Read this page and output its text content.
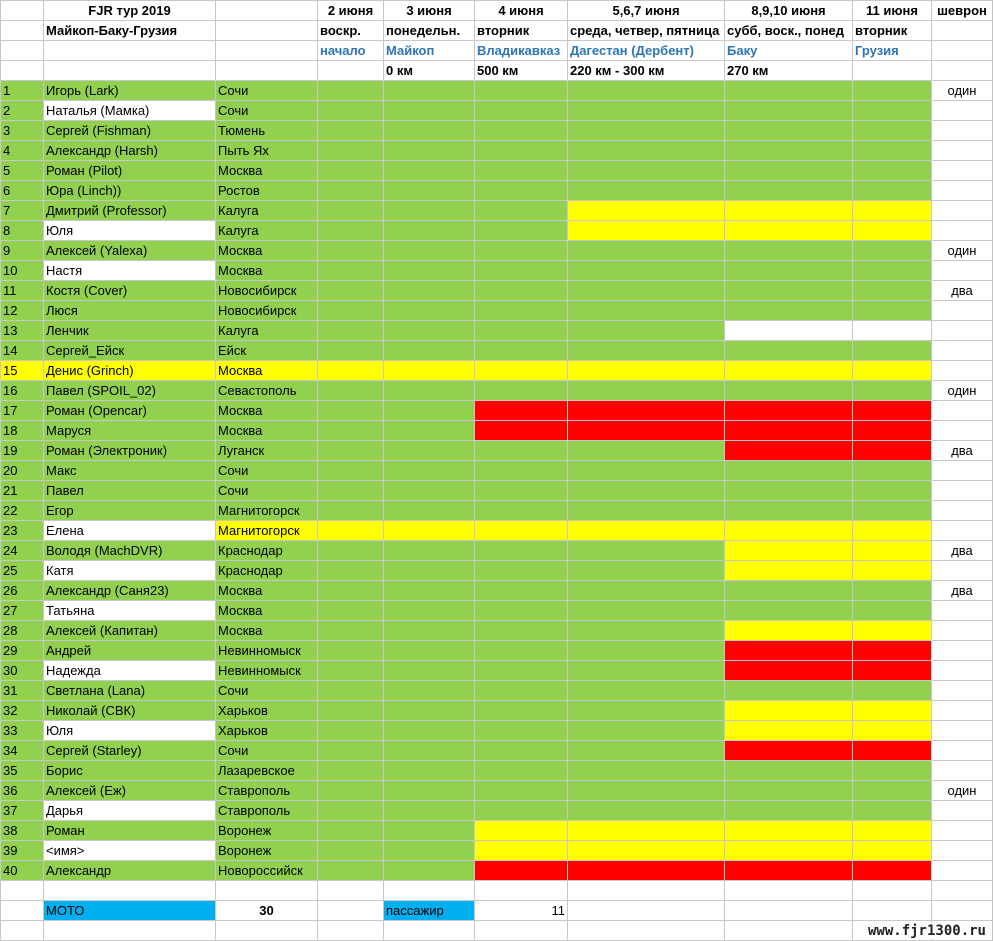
	FJR тур 2019		2 июня	3 июня	4 июня	5,6,7 июня	8,9,10 июня	11 июня	шеврон
	Майкоп-Баку-Грузия		воскр.	понедельн.	вторник	среда, четвер, пятница	субб, воск., понед	вторник	
			начало	Майкоп	Владикавказ	Дагестан (Дербент)	Баку	Грузия	
				0 км	500 км	220 км - 300 км	270 км		
1	Игорь (Lark)	Сочи							один
2	Наталья (Мамка)	Сочи							
3	Сергей (Fishman)	Тюмень							
4	Александр (Harsh)	Пыть Ях							
5	Роман (Pilot)	Москва							
6	Юра (Linch))	Ростов							
7	Дмитрий (Professor)	Калуга							
8	Юля	Калуга							
9	Алексей (Yalexa)	Москва							один
10	Настя	Москва							
11	Костя (Cover)	Новосибирск							два
12	Люся	Новосибирск							
13	Ленчик	Калуга							
14	Сергей_Ейск	Ейск							
15	Денис (Grinch)	Москва							
16	Павел (SPOIL_02)	Севастополь							один
17	Роман (Opencar)	Москва							
18	Маруся	Москва							
19	Роман (Электроник)	Луганск							два
20	Макс	Сочи							
21	Павел	Сочи							
22	Егор	Магнитогорск							
23	Елена	Магнитогорск							
24	Володя (MachDVR)	Краснодар							два
25	Катя	Краснодар							
26	Александр (Саня23)	Москва							два
27	Татьяна	Москва							
28	Алексей (Капитан)	Москва							
29	Андрей	Невинномыск							
30	Надежда	Невинномыск							
31	Светлана (Lana)	Сочи							
32	Николай (СВК)	Харьков							
33	Юля	Харьков							
34	Сергей (Starley)	Сочи							
35	Борис	Лазаревское							
36	Алексей (Еж)	Ставрополь							один
37	Дарья	Ставрополь							
38	Роман	Воронеж							
39	<имя>	Воронеж							
40	Александр	Новороссийск							

	МОТО	30		пассажир	11				

www.fjr1300.ru
